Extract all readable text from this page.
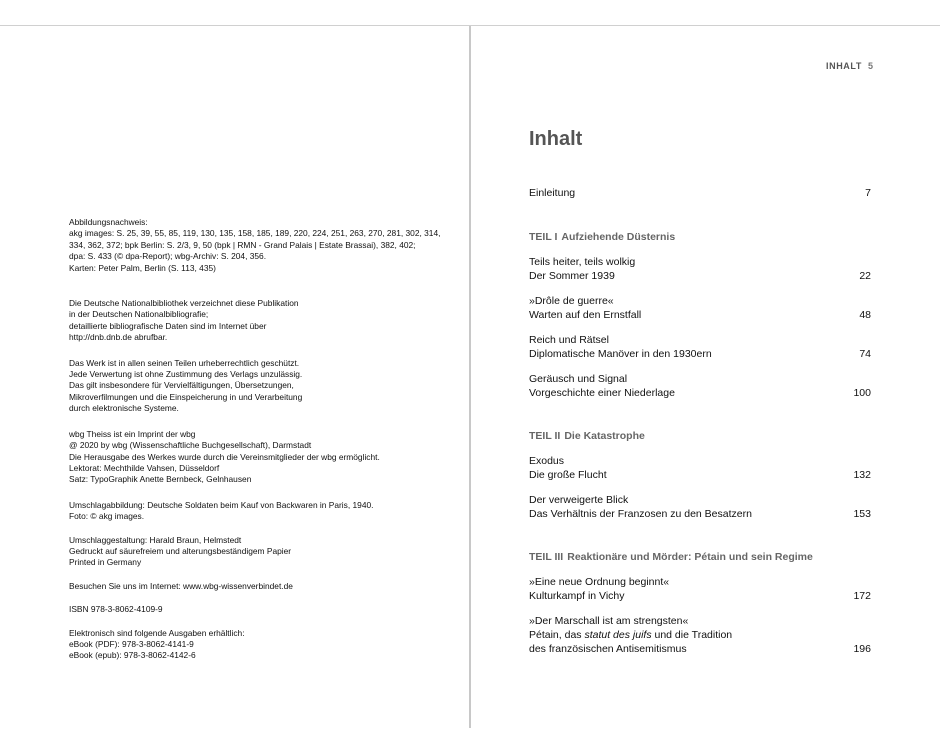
Abbildungsnachweis:
akg images: S. 25, 39, 55, 85, 119, 130, 135, 158, 185, 189, 220, 224, 251, 263, 270, 281, 302, 314,
334, 362, 372; bpk Berlin: S. 2/3, 9, 50 (bpk | RMN - Grand Palais | Estate Brassai), 382, 402;
dpa: S. 433 (© dpa-Report); wbg-Archiv: S. 204, 356.
Karten: Peter Palm, Berlin (S. 113, 435)
Die Deutsche Nationalbibliothek verzeichnet diese Publikation
in der Deutschen Nationalbibliografie;
detaillierte bibliografische Daten sind im Internet über
http://dnb.dnb.de abrufbar.
Das Werk ist in allen seinen Teilen urheberrechtlich geschützt.
Jede Verwertung ist ohne Zustimmung des Verlags unzulässig.
Das gilt insbesondere für Vervielfältigungen, Übersetzungen,
Mikroverfilmungen und die Einspeicherung in und Verarbeitung
durch elektronische Systeme.
wbg Theiss ist ein Imprint der wbg
@ 2020 by wbg (Wissenschaftliche Buchgesellschaft), Darmstadt
Die Herausgabe des Werkes wurde durch die Vereinsmitglieder der wbg ermöglicht.
Lektorat: Mechthilde Vahsen, Düsseldorf
Satz: TypoGraphik Anette Bernbeck, Gelnhausen
Umschlagabbildung: Deutsche Soldaten beim Kauf von Backwaren in Paris, 1940.
Foto: © akg images.
Umschlaggestaltung: Harald Braun, Helmstedt
Gedruckt auf säurefreiem und alterungsbeständigem Papier
Printed in Germany
Besuchen Sie uns im Internet: www.wbg-wissenverbindet.de
ISBN 978-3-8062-4109-9
Elektronisch sind folgende Ausgaben erhältlich:
eBook (PDF): 978-3-8062-4141-9
eBook (epub): 978-3-8062-4142-6
INHALT 5
Inhalt
Einleitung	7
TEIL I Aufziehende Düsternis
Teils heiter, teils wolkig
Der Sommer 1939	22
»Drôle de guerre«
Warten auf den Ernstfall	48
Reich und Rätsel
Diplomatische Manöver in den 1930ern	74
Geräusch und Signal
Vorgeschichte einer Niederlage	100
TEIL II Die Katastrophe
Exodus
Die große Flucht	132
Der verweigerte Blick
Das Verhältnis der Franzosen zu den Besatzern	153
TEIL III Reaktionäre und Mörder: Pétain und sein Regime
»Eine neue Ordnung beginnt«
Kulturkampf in Vichy	172
»Der Marschall ist am strengsten«
Pétain, das statut des juifs und die Tradition
des französischen Antisemitismus	196
